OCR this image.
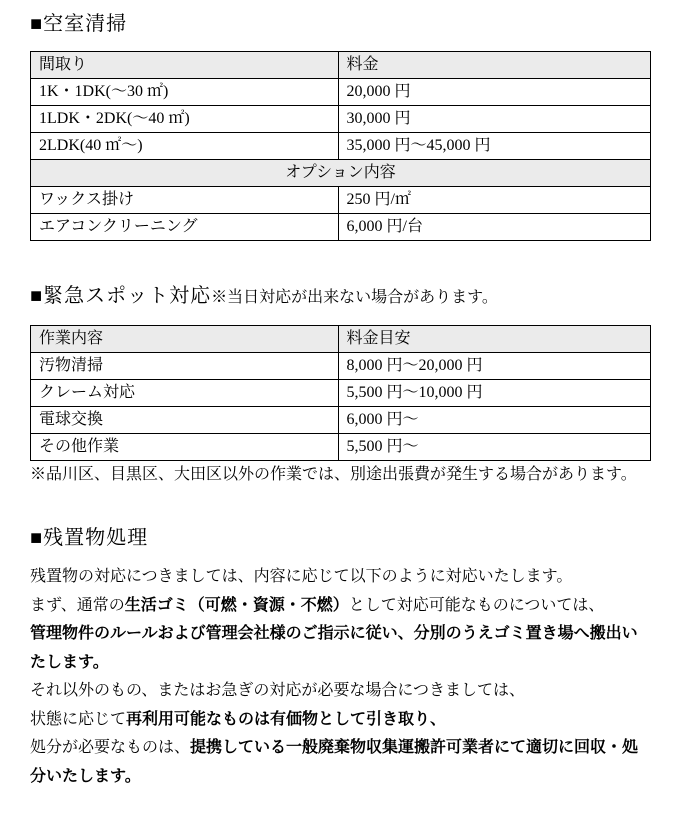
■空室清掃
間取り	料金
1K・1DK(～30 ㎡)	20,000 円
1LDK・2DK(～40 ㎡)	30,000 円
2LDK(40 ㎡～)	35,000 円～45,000 円
オプション内容	
ワックス掛け	250 円/㎡
エアコンクリーニング	6,000 円/台
■緊急スポット対応※当日対応が出来ない場合があります。
作業内容	料金目安
汚物清掃	8,000 円～20,000 円
クレーム対応	5,500 円～10,000 円
電球交換	6,000 円～
その他作業	5,500 円～
※品川区、目黒区、大田区以外の作業では、別途出張費が発生する場合があります。
■残置物処理
残置物の対応につきましては、内容に応じて以下のように対応いたします。
まず、通常の生活ゴミ（可燃・資源・不燃）として対応可能なものについては、
管理物件のルールおよび管理会社様のご指示に従い、分別のうえゴミ置き場へ搬出いたします。
それ以外のもの、またはお急ぎの対応が必要な場合につきましては、
状態に応じて再利用可能なものは有価物として引き取り、
処分が必要なものは、提携している一般廃棄物収集運搬許可業者にて適切に回収・処分いたします。
